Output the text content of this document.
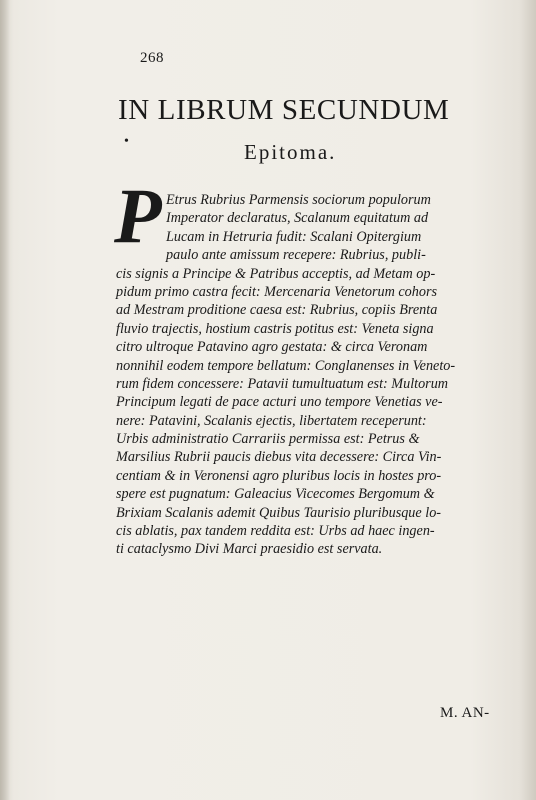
268
IN LIBRUM SECUNDUM
•	Epitoma.
P Etrus Rubrius Parmensis sociorum populorum
Imperator declaratus, Scalanum equitatum ad
Lucam in Hetruria fudit: Scalani Opitergium
paulo ante amissum recepere: Rubrius, publi-
cis signis a Principe & Patribus acceptis, ad Metam op-
pidum primo castra fecit: Mercenaria Venetorum cohors
ad Mestram proditione caesa est: Rubrius, copiis Brenta
fluvio trajectis, hostium castris potitus est: Veneta signa
citro ultroque Patavino agro gestata: & circa Veronam
nonnihil eodem tempore bellatum: Conglanenses in Veneto-
rum fidem concessere: Patavii tumultuatum est: Multorum
Principum legati de pace acturi uno tempore Venetias ve-
nere: Patavini, Scalanis ejectis, libertatem receperunt:
Urbis administratio Carrariis permissa est: Petrus &
Marsilius Rubrii paucis diebus vita decessere: Circa Vin-
centiam & in Veronensi agro pluribus locis in hostes pro-
spere est pugnatum: Galeacius Vicecomes Bergomum &
Brixiam Scalanis ademit Quibus Taurisio pluribusque lo-
cis ablatis, pax tandem reddita est: Urbs ad haec ingen-
ti cataclysmo Divi Marci praesidio est servata.
M. AN-
